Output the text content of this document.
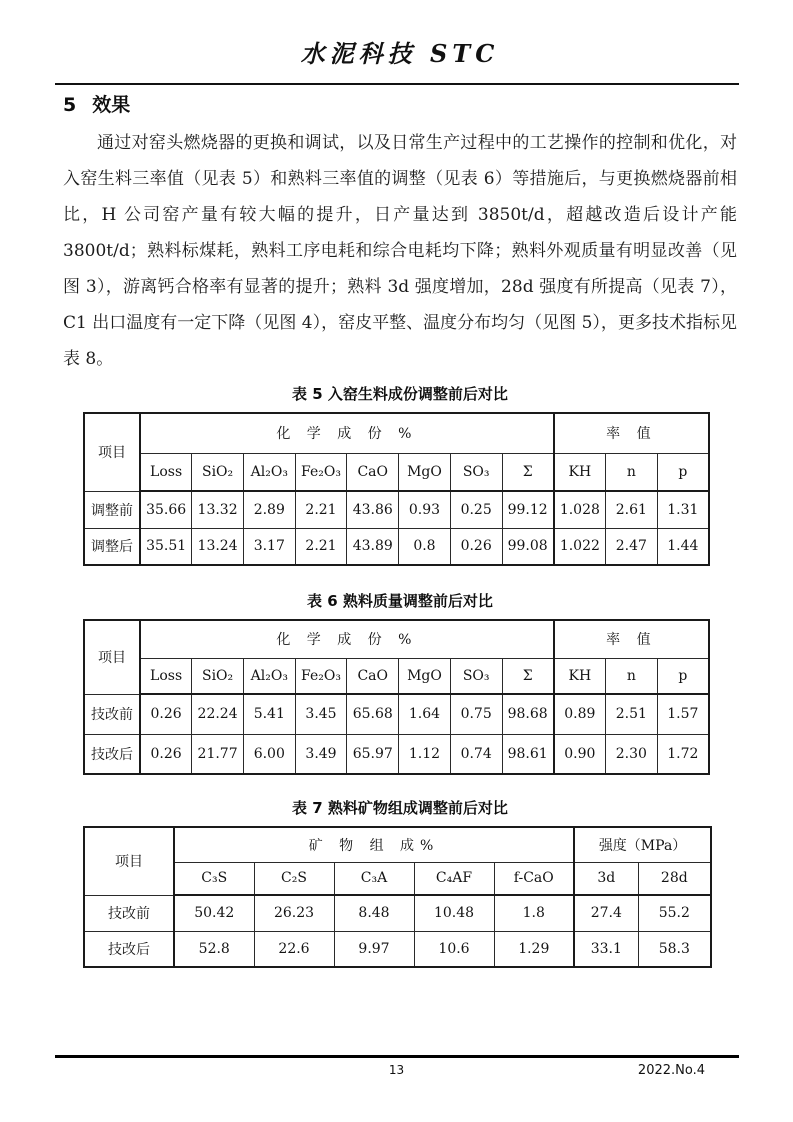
水泥科技 STC
5 效果

通过对窑头燃烧器的更换和调试，以及日常生产过程中的工艺操作的控制和优化，对入窑生料三率值（见表 5）和熟料三率值的调整（见表 6）等措施后，与更换燃烧器前相比，H 公司窑产量有较大幅的提升，日产量达到 3850t/d，超越改造后设计产能 3800t/d；熟料标煤耗，熟料工序电耗和综合电耗均下降；熟料外观质量有明显改善（见图 3），游离钙合格率有显著的提升；熟料 3d 强度增加，28d 强度有所提高（见表 7），C1 出口温度有一定下降（见图 4），窑皮平整、温度分布均匀（见图 5），更多技术指标见表 8。

表 5 入窑生料成份调整前后对比
项目	化 学 成 份 %								率 值		
	Loss	SiO₂	Al₂O₃	Fe₂O₃	CaO	MgO	SO₃	Σ	KH	n	p
调整前	35.66	13.32	2.89	2.21	43.86	0.93	0.25	99.12	1.028	2.61	1.31
调整后	35.51	13.24	3.17	2.21	43.89	0.8	0.26	99.08	1.022	2.47	1.44
表 6 熟料质量调整前后对比
项目	化 学 成 份 %								率 值		
	Loss	SiO₂	Al₂O₃	Fe₂O₃	CaO	MgO	SO₃	Σ	KH	n	p
技改前	0.26	22.24	5.41	3.45	65.68	1.64	0.75	98.68	0.89	2.51	1.57
技改后	0.26	21.77	6.00	3.49	65.97	1.12	0.74	98.61	0.90	2.30	1.72
表 7 熟料矿物组成调整前后对比
项目	矿 物 组 成%					强度（MPa）	
	C₃S	C₂S	C₃A	C₄AF	f-CaO	3d	28d
技改前	50.42	26.23	8.48	10.48	1.8	27.4	55.2
技改后	52.8	22.6	9.97	10.6	1.29	33.1	58.3
13	2022.No.4
